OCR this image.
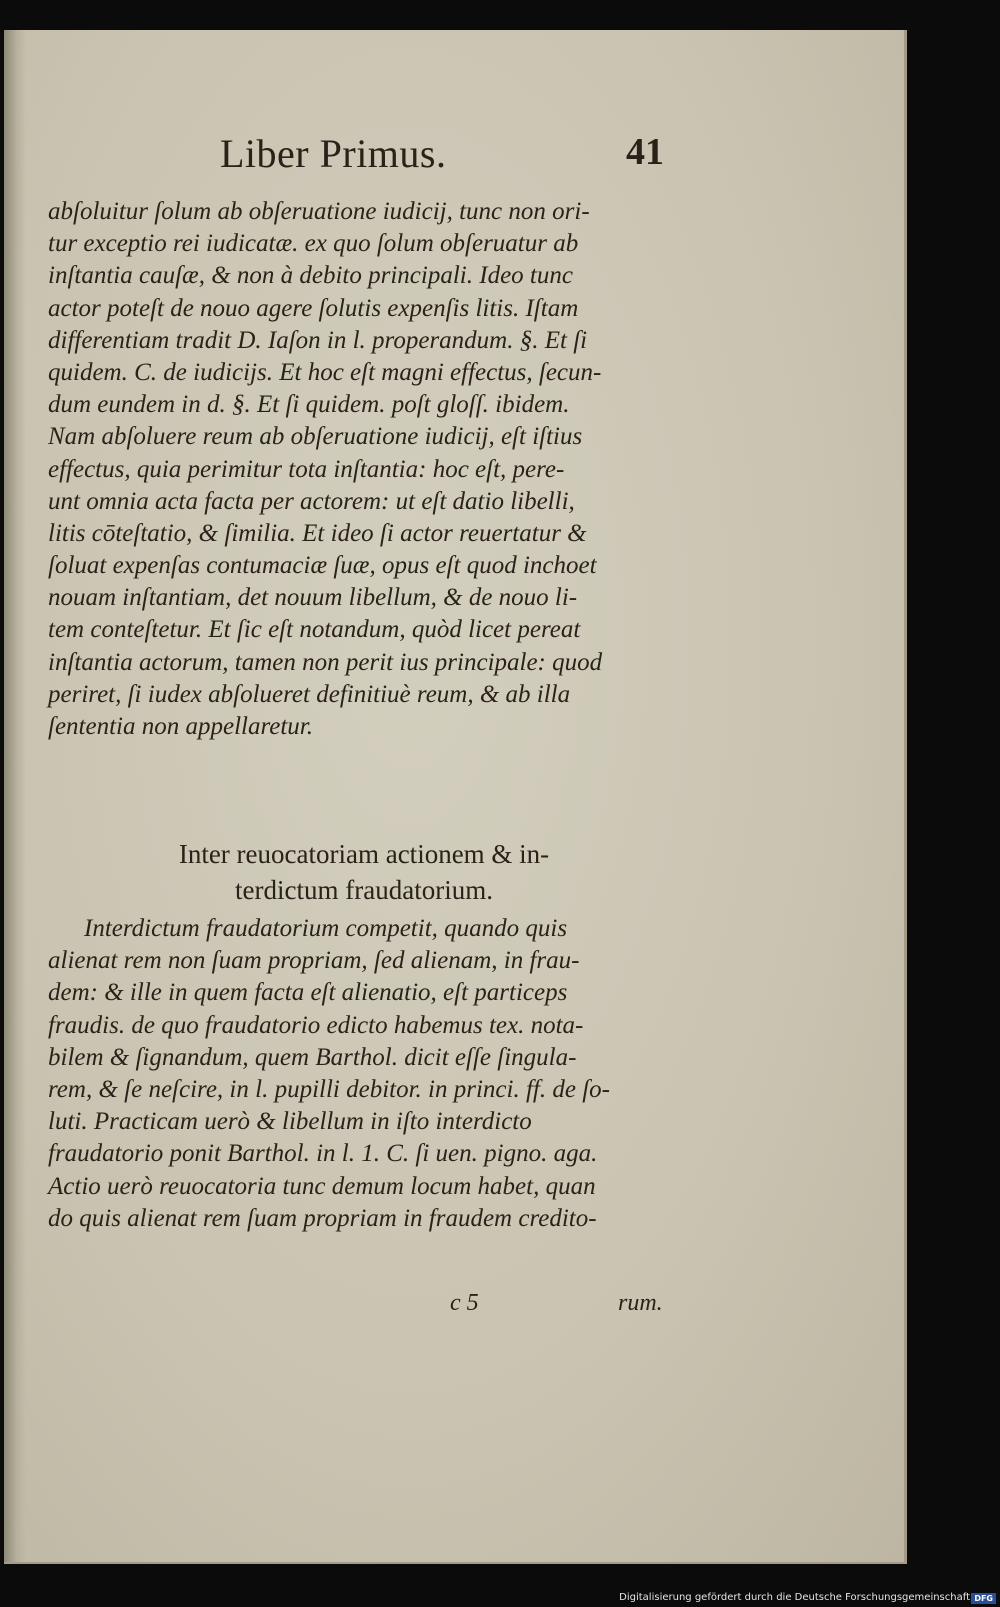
Liber Primus.	41
abſoluitur ſolum ab obſeruatione iudicij, tunc non ori-
tur exceptio rei iudicatæ. ex quo ſolum obſeruatur ab
inſtantia cauſæ, & non à debito principali. Ideo tunc
actor poteſt de nouo agere ſolutis expenſis litis. Iſtam
differentiam tradit D. Iaſon in l. properandum. §. Et ſi
quidem. C. de iudicijs. Et hoc eſt magni effectus, ſecun-
dum eundem in d. §. Et ſi quidem. poſt gloſſ. ibidem.
Nam abſoluere reum ab obſeruatione iudicij, eſt iſtius
effectus, quia perimitur tota inſtantia: hoc eſt, pere-
unt omnia acta facta per actorem: ut eſt datio libelli,
litis cōteſtatio, & ſimilia. Et ideo ſi actor reuertatur &
ſoluat expenſas contumaciæ ſuæ, opus eſt quod inchoet
nouam inſtantiam, det nouum libellum, & de nouo li-
tem conteſtetur. Et ſic eſt notandum, quòd licet pereat
inſtantia actorum, tamen non perit ius principale: quod
periret, ſi iudex abſolueret definitiuè reum, & ab illa
ſententia non appellaretur.
Inter reuocatoriam actionem & in-
terdictum fraudatorium.
Interdictum fraudatorium competit, quando quis
alienat rem non ſuam propriam, ſed alienam, in frau-
dem: & ille in quem facta eſt alienatio, eſt particeps
fraudis. de quo fraudatorio edicto habemus tex. nota-
bilem & ſignandum, quem Barthol. dicit eſſe ſingula-
rem, & ſe neſcire, in l. pupilli debitor. in princi. ff. de ſo-
luti. Practicam uerò & libellum in iſto interdicto
fraudatorio ponit Barthol. in l. 1. C. ſi uen. pigno. aga.
Actio uerò reuocatoria tunc demum locum habet, quan
do quis alienat rem ſuam propriam in fraudem credito-
c 5	rum.
Digitalisierung gefördert durch die Deutsche Forschungsgemeinschaft DFG
